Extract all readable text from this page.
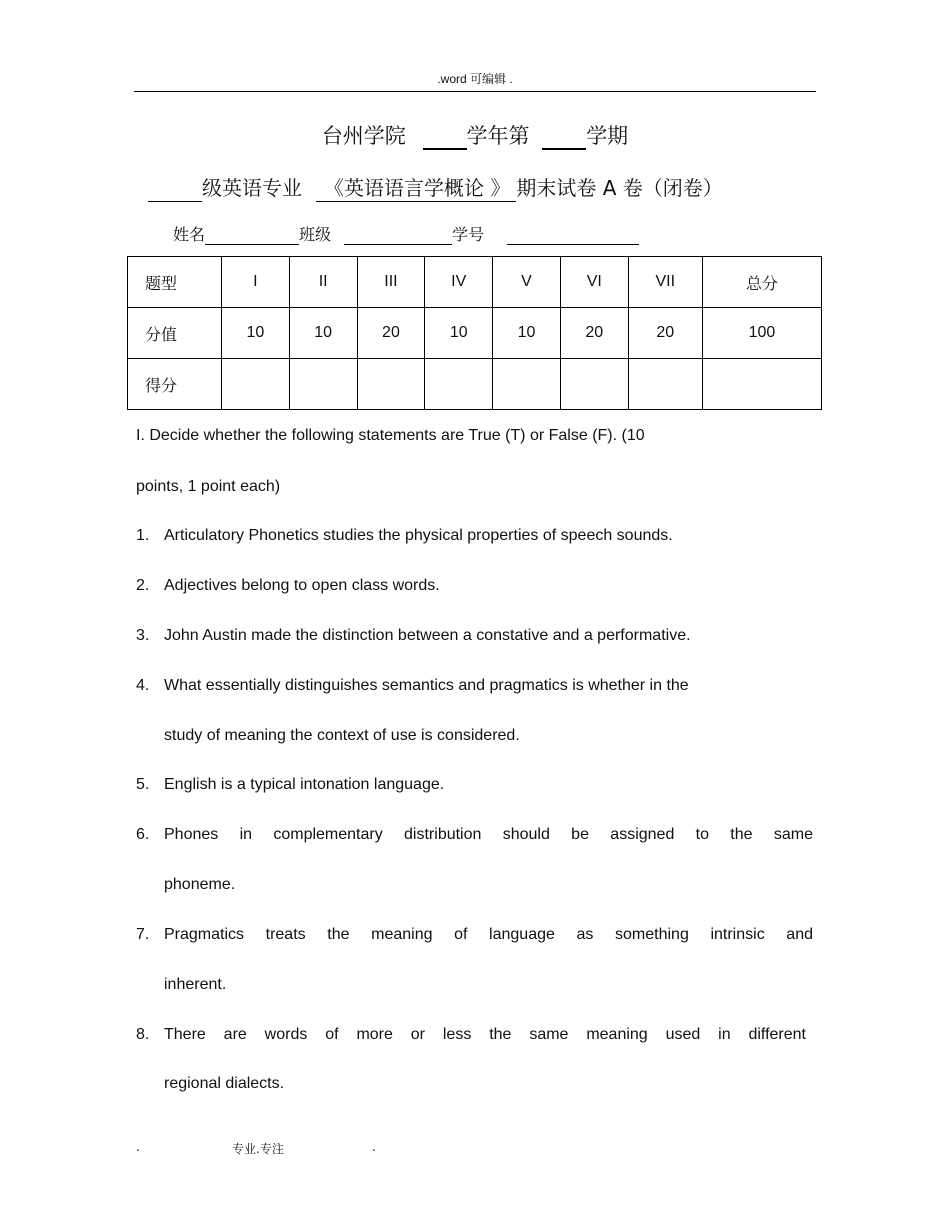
.word 可编辑 .
台州学院	学年第	学期
级英语专业 《英语语言学概论 》 期末试卷 A 卷（闭卷）
姓名	班级	学号
题型	I	II	III	IV	V	VI	VII	总分
分值	10	10	20	10	10	20	20	100
得分								
I. Decide whether the following statements are True (T) or False (F). (10
points, 1 point each)
1. Articulatory Phonetics studies the physical properties of speech sounds.
2. Adjectives belong to open class words.
3. John Austin made the distinction between a constative and a performative.
4. What essentially distinguishes semantics and pragmatics is whether in the
study of meaning the context of use is considered.
5. English is a typical intonation language.
6. Phones in complementary distribution should be assigned to the same
phoneme.
7. Pragmatics treats the meaning of language as something intrinsic and
inherent.
8. There are words of more or less the same meaning used in different
regional dialects.
.	专业.专注	.
